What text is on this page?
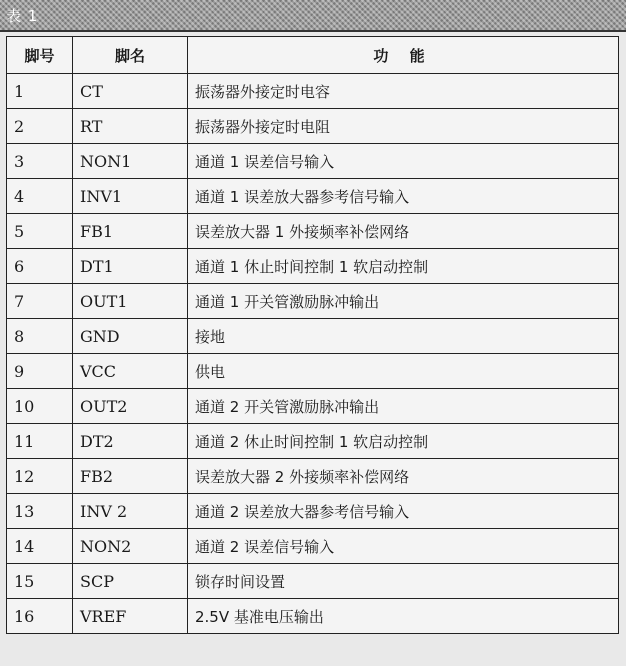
表 1
脚号	脚名	功 能
1	CT	振荡器外接定时电容
2	RT	振荡器外接定时电阻
3	NON1	通道 1 误差信号输入
4	INV1	通道 1 误差放大器参考信号输入
5	FB1	误差放大器 1 外接频率补偿网络
6	DT1	通道 1 休止时间控制 1 软启动控制
7	OUT1	通道 1 开关管激励脉冲输出
8	GND	接地
9	VCC	供电
10	OUT2	通道 2 开关管激励脉冲输出
11	DT2	通道 2 休止时间控制 1 软启动控制
12	FB2	误差放大器 2 外接频率补偿网络
13	INV 2	通道 2 误差放大器参考信号输入
14	NON2	通道 2 误差信号输入
15	SCP	锁存时间设置
16	VREF	2.5V 基准电压输出
